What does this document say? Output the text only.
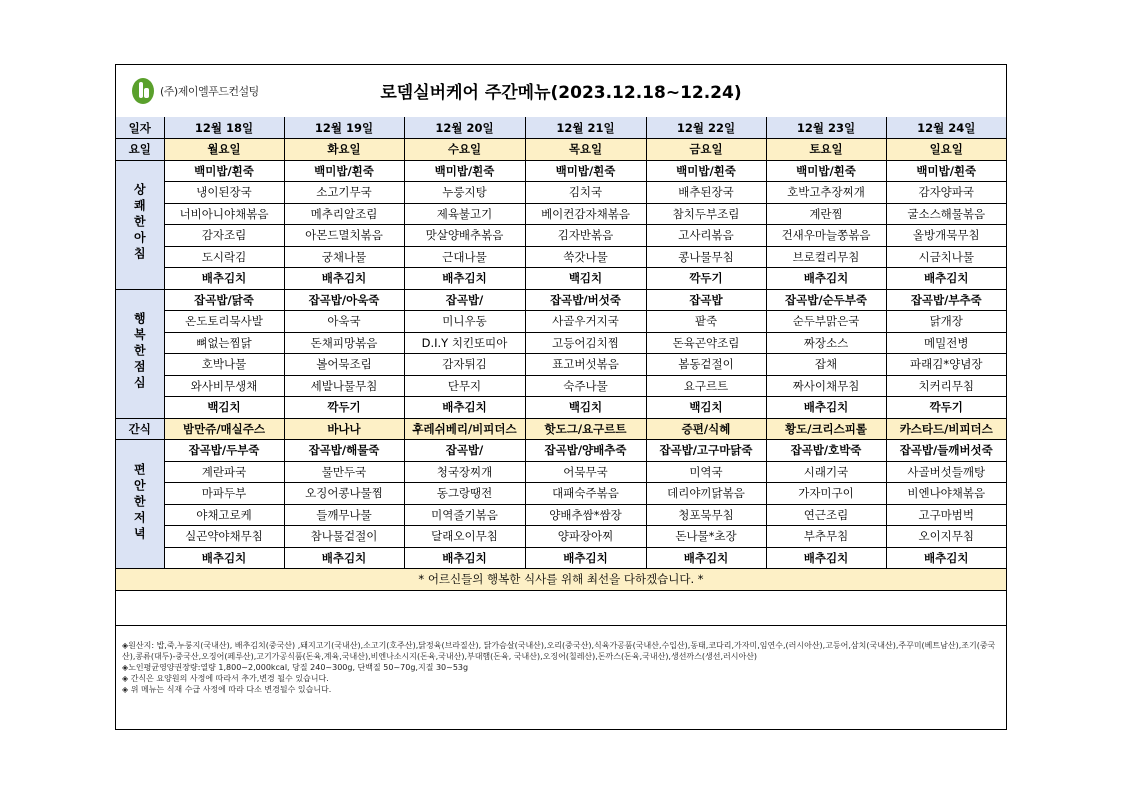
(주)제이엘푸드컨설팅	로뎀실버케어 주간메뉴(2023.12.18~12.24)
일자	12월 18일	12월 19일	12월 20일	12월 21일	12월 22일	12월 23일	12월 24일
요일	월요일	화요일	수요일	목요일	금요일	토요일	일요일
상쾌한아침	백미밥/흰죽	백미밥/흰죽	백미밥/흰죽	백미밥/흰죽	백미밥/흰죽	백미밥/흰죽	백미밥/흰죽
	냉이된장국	소고기무국	누룽지탕	김치국	배추된장국	호박고추장찌개	감자양파국
	너비아니야채볶음	메추리알조림	제육불고기	베이컨감자채볶음	참치두부조림	계란찜	굴소스해물볶음
	감자조림	아몬드멸치볶음	맛살양배추볶음	김자반볶음	고사리볶음	건새우마늘쫑볶음	올방개묵무침
	도시락김	궁채나물	근대나물	쑥갓나물	콩나물무침	브로컬리무침	시금치나물
	배추김치	배추김치	배추김치	백김치	깍두기	배추김치	배추김치
행복한점심	잡곡밥/닭죽	잡곡밥/아욱죽	잡곡밥/	잡곡밥/버섯죽	잡곡밥	잡곡밥/순두부죽	잡곡밥/부추죽
	온도토리묵사발	아욱국	미니우동	사골우거지국	팥죽	순두부맑은국	닭개장
	뼈없는찜닭	돈채피망볶음	D.I.Y 치킨또띠아	고등어김치찜	돈육곤약조림	짜장소스	메밀전병
	호박나물	볼어묵조림	감자튀김	표고버섯볶음	봄동겉절이	잡채	파래김*양념장
	와사비무생채	세발나물무침	단무지	숙주나물	요구르트	짜사이채무침	치커리무침
	백김치	깍두기	배추김치	백김치	백김치	배추김치	깍두기
간식	밤만쥬/매실주스	바나나	후레쉬베리/비피더스	핫도그/요구르트	증편/식혜	황도/크리스피롤	카스타드/비피더스
편안한저녁	잡곡밥/두부죽	잡곡밥/해물죽	잡곡밥/	잡곡밥/양배추죽	잡곡밥/고구마닭죽	잡곡밥/호박죽	잡곡밥/들깨버섯죽
	계란파국	물만두국	청국장찌개	어묵무국	미역국	시래기국	사골버섯들깨탕
	마파두부	오징어콩나물찜	동그랑땡전	대패숙주볶음	데리야끼닭볶음	가자미구이	비엔나야채볶음
	야채고로케	들깨무나물	미역줄기볶음	양배추쌈*쌈장	청포묵무침	연근조림	고구마범벅
	실곤약야채무침	참나물겉절이	달래오이무침	양파장아찌	돈나물*초장	부추무침	오이지무침
	배추김치	배추김치	배추김치	배추김치	배추김치	배추김치	배추김치
* 어르신들의 행복한 식사를 위해 최선을 다하겠습니다. *							
◈원산지: 밥,죽,누룽지(국내산), 배추김치(중국산) ,돼지고기(국내산),소고기(호주산),닭정육(브라질산), 닭가슴살(국내산),오리(중국산),식육가공품(국내산,수입산),동태,코다리,가자미,임연수,(러시아산),고등어,삼치(국내산),주꾸미(베트남산),조기(중국산),콩류(대두)-중국산,오징어(페루산),고기가공식품(돈육,계육,국내산),비엔나소시지(돈육,국내산),부대햄(돈육, 국내산),오징어(칠레산),돈까스(돈육,국내산),생선까스(생선,러시아산)
◈노인평균영양권장량:열량 1,800~2,000kcal, 당질 240~300g, 단백질 50~70g,지질 30~53g
◈ 간식은 요양원의 사정에 따라서 추가,변경 될수 있습니다.
◈ 위 메뉴는 식재 수급 사정에 따라 다소 변경될수 있습니다.
